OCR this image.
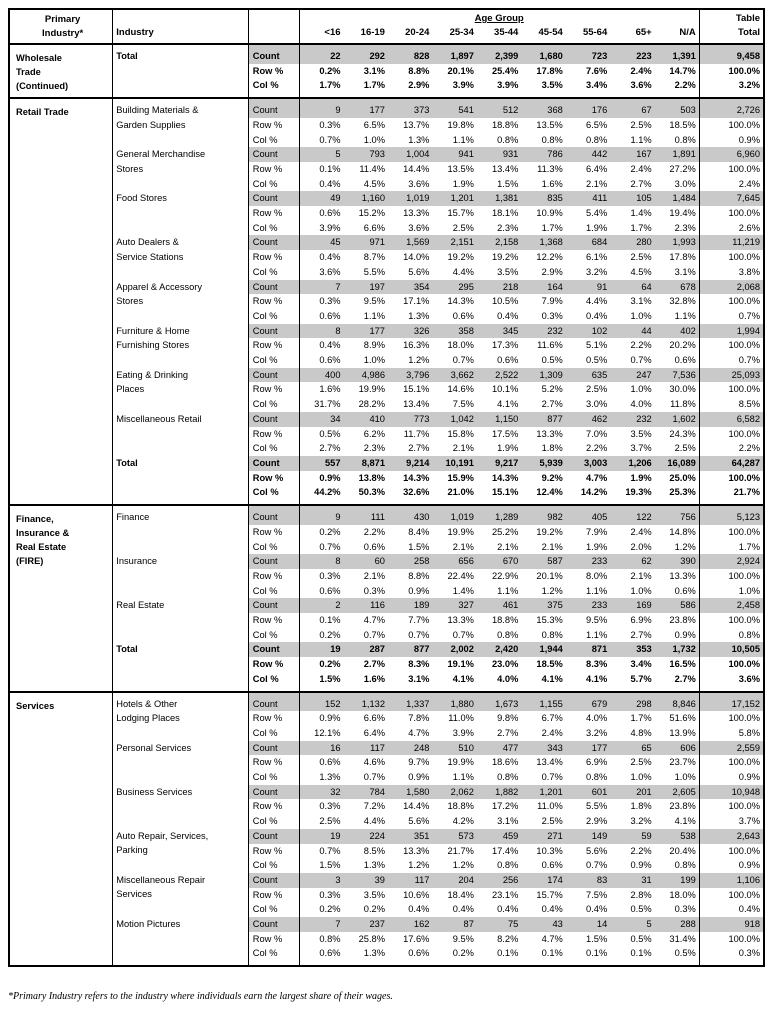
Primary
Industry*	Industry		Age Group									Table
			<16	16-19	20-24	25-34	35-44	45-54	55-64	65+	N/A	Total

Wholesale
Trade
(Continued)	Total	Count	22	292	828	1,897	2,399	1,680	723	223	1,391	9,458
		Row %	0.2%	3.1%	8.8%	20.1%	25.4%	17.8%	7.6%	2.4%	14.7%	100.0%
		Col %	1.7%	1.7%	2.9%	3.9%	3.9%	3.5%	3.4%	3.6%	2.2%	3.2%

Retail Trade	Building Materials &
Garden Supplies	Count	9	177	373	541	512	368	176	67	503	2,726
		Row %	0.3%	6.5%	13.7%	19.8%	18.8%	13.5%	6.5%	2.5%	18.5%	100.0%
		Col %	0.7%	1.0%	1.3%	1.1%	0.8%	0.8%	0.8%	1.1%	0.8%	0.9%

	General Merchandise
Stores	Count	5	793	1,004	941	931	786	442	167	1,891	6,960
		Row %	0.1%	11.4%	14.4%	13.5%	13.4%	11.3%	6.4%	2.4%	27.2%	100.0%
		Col %	0.4%	4.5%	3.6%	1.9%	1.5%	1.6%	2.1%	2.7%	3.0%	2.4%

	Food Stores	Count	49	1,160	1,019	1,201	1,381	835	411	105	1,484	7,645
		Row %	0.6%	15.2%	13.3%	15.7%	18.1%	10.9%	5.4%	1.4%	19.4%	100.0%
		Col %	3.9%	6.6%	3.6%	2.5%	2.3%	1.7%	1.9%	1.7%	2.3%	2.6%

	Auto Dealers &
Service Stations	Count	45	971	1,569	2,151	2,158	1,368	684	280	1,993	11,219
		Row %	0.4%	8.7%	14.0%	19.2%	19.2%	12.2%	6.1%	2.5%	17.8%	100.0%
		Col %	3.6%	5.5%	5.6%	4.4%	3.5%	2.9%	3.2%	4.5%	3.1%	3.8%

	Apparel & Accessory
Stores	Count	7	197	354	295	218	164	91	64	678	2,068
		Row %	0.3%	9.5%	17.1%	14.3%	10.5%	7.9%	4.4%	3.1%	32.8%	100.0%
		Col %	0.6%	1.1%	1.3%	0.6%	0.4%	0.3%	0.4%	1.0%	1.1%	0.7%

	Furniture & Home
Furnishing Stores	Count	8	177	326	358	345	232	102	44	402	1,994
		Row %	0.4%	8.9%	16.3%	18.0%	17.3%	11.6%	5.1%	2.2%	20.2%	100.0%
		Col %	0.6%	1.0%	1.2%	0.7%	0.6%	0.5%	0.5%	0.7%	0.6%	0.7%

	Eating & Drinking
Places	Count	400	4,986	3,796	3,662	2,522	1,309	635	247	7,536	25,093
		Row %	1.6%	19.9%	15.1%	14.6%	10.1%	5.2%	2.5%	1.0%	30.0%	100.0%
		Col %	31.7%	28.2%	13.4%	7.5%	4.1%	2.7%	3.0%	4.0%	11.8%	8.5%

	Miscellaneous Retail	Count	34	410	773	1,042	1,150	877	462	232	1,602	6,582
		Row %	0.5%	6.2%	11.7%	15.8%	17.5%	13.3%	7.0%	3.5%	24.3%	100.0%
		Col %	2.7%	2.3%	2.7%	2.1%	1.9%	1.8%	2.2%	3.7%	2.5%	2.2%

	Total	Count	557	8,871	9,214	10,191	9,217	5,939	3,003	1,206	16,089	64,287
		Row %	0.9%	13.8%	14.3%	15.9%	14.3%	9.2%	4.7%	1.9%	25.0%	100.0%
		Col %	44.2%	50.3%	32.6%	21.0%	15.1%	12.4%	14.2%	19.3%	25.3%	21.7%

Finance,
Insurance &
Real Estate
(FIRE)	Finance	Count	9	111	430	1,019	1,289	982	405	122	756	5,123
		Row %	0.2%	2.2%	8.4%	19.9%	25.2%	19.2%	7.9%	2.4%	14.8%	100.0%
		Col %	0.7%	0.6%	1.5%	2.1%	2.1%	2.1%	1.9%	2.0%	1.2%	1.7%

	Insurance	Count	8	60	258	656	670	587	233	62	390	2,924
		Row %	0.3%	2.1%	8.8%	22.4%	22.9%	20.1%	8.0%	2.1%	13.3%	100.0%
		Col %	0.6%	0.3%	0.9%	1.4%	1.1%	1.2%	1.1%	1.0%	0.6%	1.0%

	Real Estate	Count	2	116	189	327	461	375	233	169	586	2,458
		Row %	0.1%	4.7%	7.7%	13.3%	18.8%	15.3%	9.5%	6.9%	23.8%	100.0%
		Col %	0.2%	0.7%	0.7%	0.7%	0.8%	0.8%	1.1%	2.7%	0.9%	0.8%

	Total	Count	19	287	877	2,002	2,420	1,944	871	353	1,732	10,505
		Row %	0.2%	2.7%	8.3%	19.1%	23.0%	18.5%	8.3%	3.4%	16.5%	100.0%
		Col %	1.5%	1.6%	3.1%	4.1%	4.0%	4.1%	4.1%	5.7%	2.7%	3.6%

Services	Hotels & Other
Lodging Places	Count	152	1,132	1,337	1,880	1,673	1,155	679	298	8,846	17,152
		Row %	0.9%	6.6%	7.8%	11.0%	9.8%	6.7%	4.0%	1.7%	51.6%	100.0%
		Col %	12.1%	6.4%	4.7%	3.9%	2.7%	2.4%	3.2%	4.8%	13.9%	5.8%

	Personal Services	Count	16	117	248	510	477	343	177	65	606	2,559
		Row %	0.6%	4.6%	9.7%	19.9%	18.6%	13.4%	6.9%	2.5%	23.7%	100.0%
		Col %	1.3%	0.7%	0.9%	1.1%	0.8%	0.7%	0.8%	1.0%	1.0%	0.9%

	Business Services	Count	32	784	1,580	2,062	1,882	1,201	601	201	2,605	10,948
		Row %	0.3%	7.2%	14.4%	18.8%	17.2%	11.0%	5.5%	1.8%	23.8%	100.0%
		Col %	2.5%	4.4%	5.6%	4.2%	3.1%	2.5%	2.9%	3.2%	4.1%	3.7%

	Auto Repair, Services,
Parking	Count	19	224	351	573	459	271	149	59	538	2,643
		Row %	0.7%	8.5%	13.3%	21.7%	17.4%	10.3%	5.6%	2.2%	20.4%	100.0%
		Col %	1.5%	1.3%	1.2%	1.2%	0.8%	0.6%	0.7%	0.9%	0.8%	0.9%

	Miscellaneous Repair
Services	Count	3	39	117	204	256	174	83	31	199	1,106
		Row %	0.3%	3.5%	10.6%	18.4%	23.1%	15.7%	7.5%	2.8%	18.0%	100.0%
		Col %	0.2%	0.2%	0.4%	0.4%	0.4%	0.4%	0.4%	0.5%	0.3%	0.4%

	Motion Pictures	Count	7	237	162	87	75	43	14	5	288	918
		Row %	0.8%	25.8%	17.6%	9.5%	8.2%	4.7%	1.5%	0.5%	31.4%	100.0%
		Col %	0.6%	1.3%	0.6%	0.2%	0.1%	0.1%	0.1%	0.1%	0.5%	0.3%
*Primary Industry refers to the industry where individuals earn the largest share of their wages.
